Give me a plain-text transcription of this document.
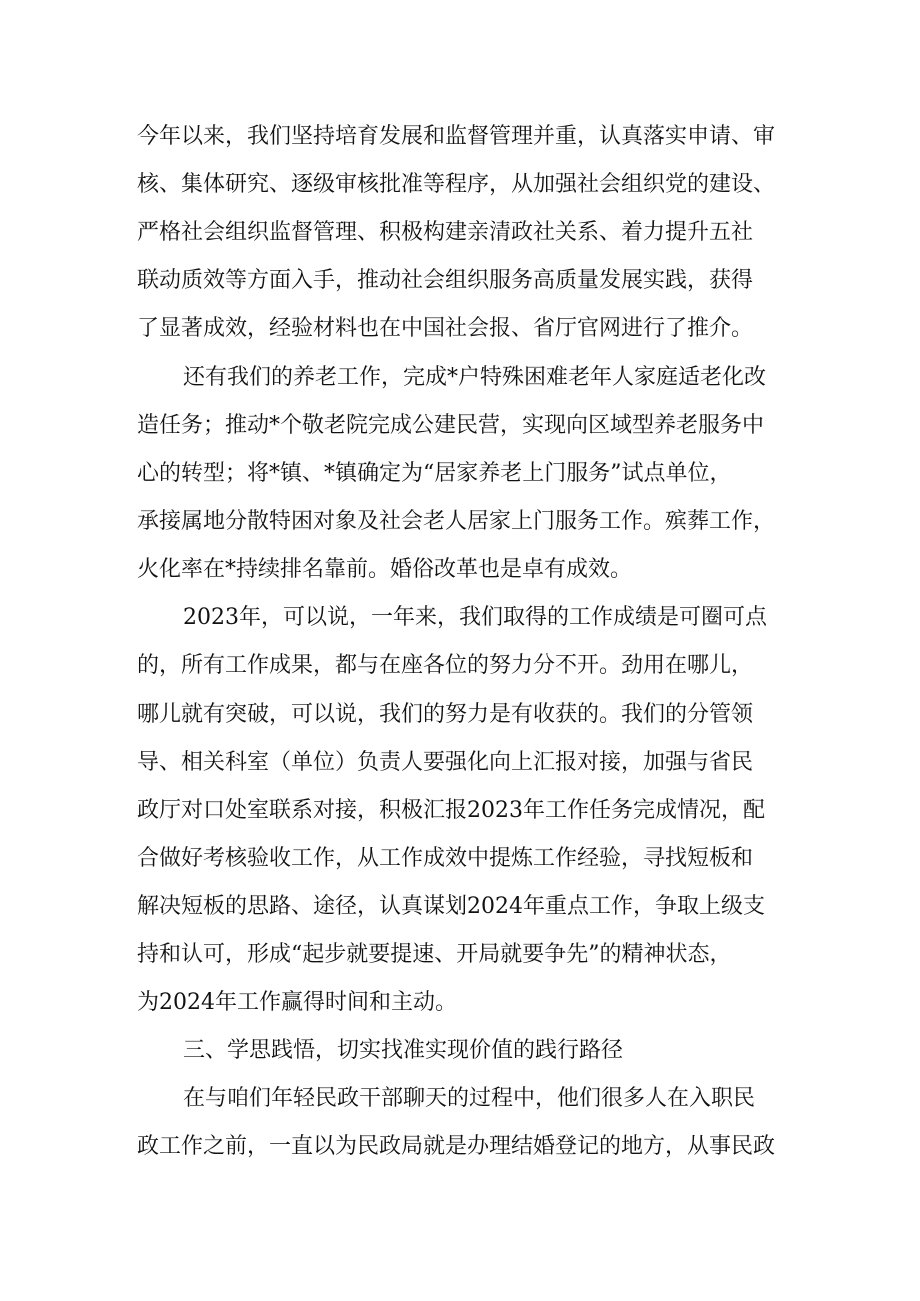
今年以来，我们坚持培育发展和监督管理并重，认真落实申请、审
核、集体研究、逐级审核批准等程序，从加强社会组织党的建设、
严格社会组织监督管理、积极构建亲清政社关系、着力提升五社
联动质效等方面入手，推动社会组织服务高质量发展实践，获得
了显著成效，经验材料也在中国社会报、省厅官网进行了推介。
还有我们的养老工作，完成*户特殊困难老年人家庭适老化改
造任务；推动*个敬老院完成公建民营，实现向区域型养老服务中
心的转型；将*镇、*镇确定为“居家养老上门服务”试点单位，
承接属地分散特困对象及社会老人居家上门服务工作。殡葬工作，
火化率在*持续排名靠前。婚俗改革也是卓有成效。
2023年，可以说，一年来，我们取得的工作成绩是可圈可点
的，所有工作成果，都与在座各位的努力分不开。劲用在哪儿，
哪儿就有突破，可以说，我们的努力是有收获的。我们的分管领
导、相关科室（单位）负责人要强化向上汇报对接，加强与省民
政厅对口处室联系对接，积极汇报2023年工作任务完成情况，配
合做好考核验收工作，从工作成效中提炼工作经验，寻找短板和
解决短板的思路、途径，认真谋划2024年重点工作，争取上级支
持和认可，形成“起步就要提速、开局就要争先”的精神状态，
为2024年工作赢得时间和主动。
三、学思践悟，切实找准实现价值的践行路径
在与咱们年轻民政干部聊天的过程中，他们很多人在入职民
政工作之前，一直以为民政局就是办理结婚登记的地方，从事民政
